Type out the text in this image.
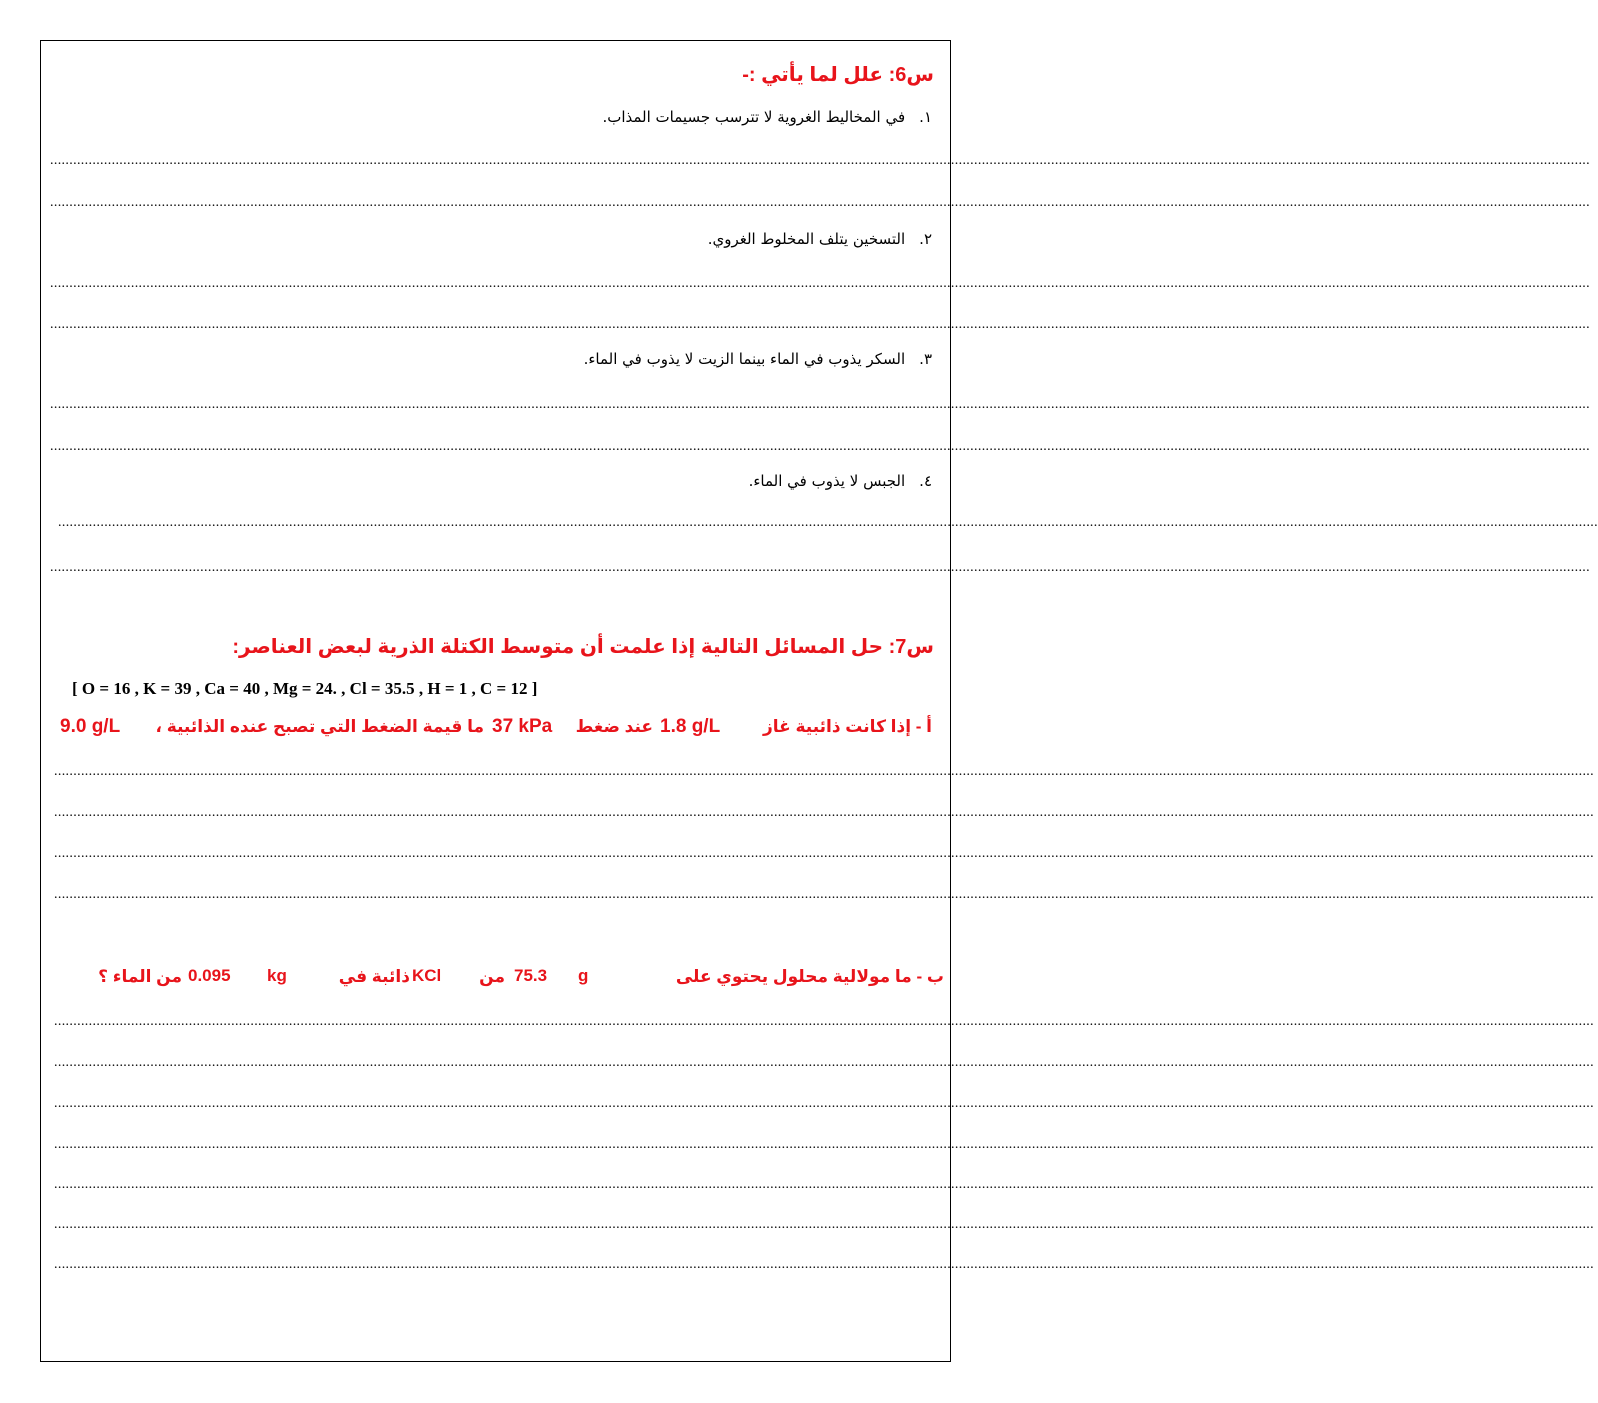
س6: علل لما يأتي :-
١.في المخاليط الغروية لا تترسب جسيمات المذاب.
................................................................................................................................................................................................................................................................................................................................................................................................................
................................................................................................................................................................................................................................................................................................................................................................................................................
٢.التسخين يتلف المخلوط الغروي.
................................................................................................................................................................................................................................................................................................................................................................................................................
................................................................................................................................................................................................................................................................................................................................................................................................................
٣.السكر يذوب في الماء بينما الزيت لا يذوب في الماء.
................................................................................................................................................................................................................................................................................................................................................................................................................
................................................................................................................................................................................................................................................................................................................................................................................................................
٤.الجبس لا يذوب في الماء.
................................................................................................................................................................................................................................................................................................................................................................................................................
................................................................................................................................................................................................................................................................................................................................................................................................................
س7: حل المسائل التالية إذا علمت أن متوسط الكتلة الذرية لبعض العناصر:
[ O = 16 , K = 39 , Ca = 40 , Mg = 24. , Cl = 35.5 , H = 1 , C = 12 ]
أ - إذا كانت ذائبية غاز
1.8 g/L
عند ضغط
37 kPa
، ما قيمة الضغط التي تصبح عنده الذائبية
9.0 g/L
................................................................................................................................................................................................................................................................................................................................................................................................................
................................................................................................................................................................................................................................................................................................................................................................................................................
................................................................................................................................................................................................................................................................................................................................................................................................................
................................................................................................................................................................................................................................................................................................................................................................................................................
ب - ما مولالية محلول يحتوي على
g
75.3
من
KCl
ذائبة في
kg
0.095
من الماء ؟
................................................................................................................................................................................................................................................................................................................................................................................................................
................................................................................................................................................................................................................................................................................................................................................................................................................
................................................................................................................................................................................................................................................................................................................................................................................................................
................................................................................................................................................................................................................................................................................................................................................................................................................
................................................................................................................................................................................................................................................................................................................................................................................................................
................................................................................................................................................................................................................................................................................................................................................................................................................
................................................................................................................................................................................................................................................................................................................................................................................................................
